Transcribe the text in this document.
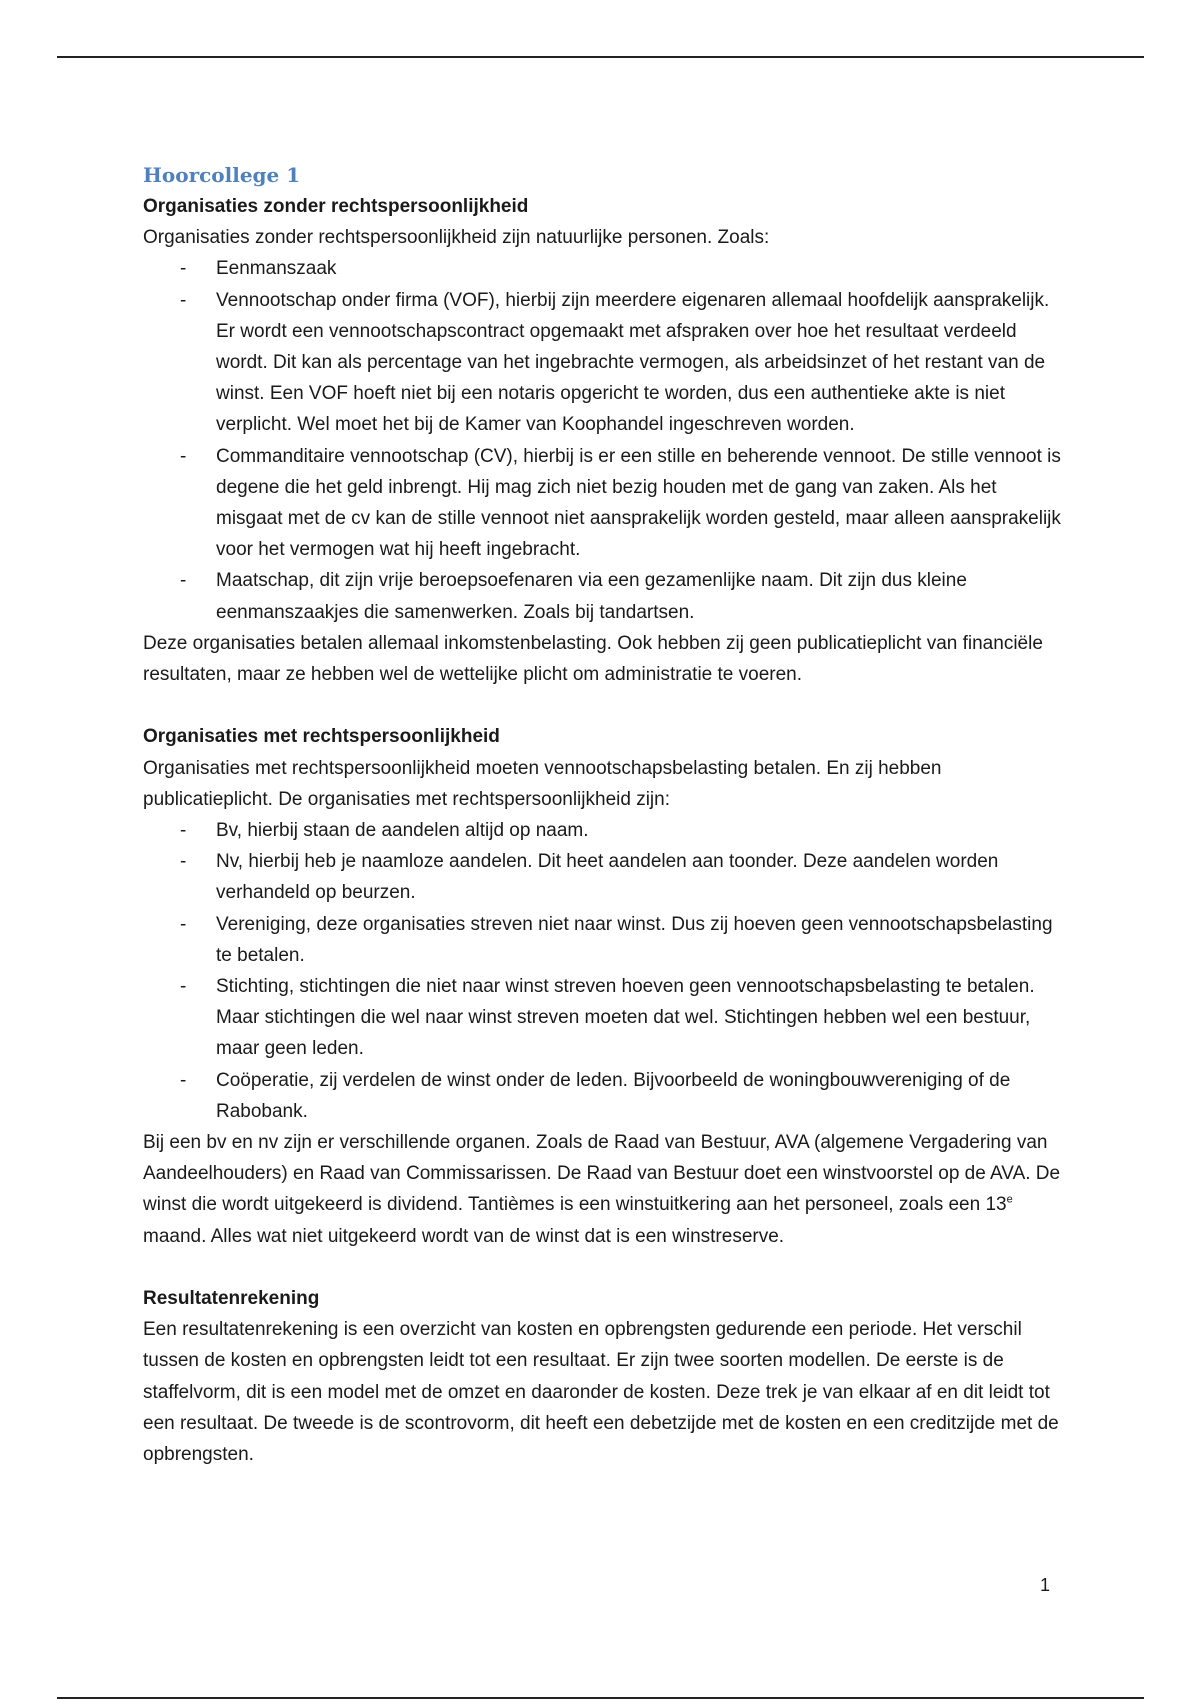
Hoorcollege 1
Organisaties zonder rechtspersoonlijkheid

Organisaties zonder rechtspersoonlijkheid zijn natuurlijke personen. Zoals:

- Eenmanszaak
- Vennootschap onder firma (VOF), hierbij zijn meerdere eigenaren allemaal hoofdelijk aansprakelijk. Er wordt een vennootschapscontract opgemaakt met afspraken over hoe het resultaat verdeeld wordt. Dit kan als percentage van het ingebrachte vermogen, als arbeidsinzet of het restant van de winst. Een VOF hoeft niet bij een notaris opgericht te worden, dus een authentieke akte is niet verplicht. Wel moet het bij de Kamer van Koophandel ingeschreven worden.
- Commanditaire vennootschap (CV), hierbij is er een stille en beherende vennoot. De stille vennoot is degene die het geld inbrengt. Hij mag zich niet bezig houden met de gang van zaken. Als het misgaat met de cv kan de stille vennoot niet aansprakelijk worden gesteld, maar alleen aansprakelijk voor het vermogen wat hij heeft ingebracht.
- Maatschap, dit zijn vrije beroepsoefenaren via een gezamenlijke naam. Dit zijn dus kleine eenmanszaakjes die samenwerken. Zoals bij tandartsen.

Deze organisaties betalen allemaal inkomstenbelasting. Ook hebben zij geen publicatieplicht van financiële resultaten, maar ze hebben wel de wettelijke plicht om administratie te voeren.

Organisaties met rechtspersoonlijkheid

Organisaties met rechtspersoonlijkheid moeten vennootschapsbelasting betalen. En zij hebben publicatieplicht. De organisaties met rechtspersoonlijkheid zijn:

- Bv, hierbij staan de aandelen altijd op naam.
- Nv, hierbij heb je naamloze aandelen. Dit heet aandelen aan toonder. Deze aandelen worden verhandeld op beurzen.
- Vereniging, deze organisaties streven niet naar winst. Dus zij hoeven geen vennootschapsbelasting te betalen.
- Stichting, stichtingen die niet naar winst streven hoeven geen vennootschapsbelasting te betalen. Maar stichtingen die wel naar winst streven moeten dat wel. Stichtingen hebben wel een bestuur, maar geen leden.
- Coöperatie, zij verdelen de winst onder de leden. Bijvoorbeeld de woningbouwvereniging of de Rabobank.

Bij een bv en nv zijn er verschillende organen. Zoals de Raad van Bestuur, AVA (algemene Vergadering van Aandeelhouders) en Raad van Commissarissen. De Raad van Bestuur doet een winstvoorstel op de AVA. De winst die wordt uitgekeerd is dividend. Tantièmes is een winstuitkering aan het personeel, zoals een 13e maand. Alles wat niet uitgekeerd wordt van de winst dat is een winstreserve.

Resultatenrekening

Een resultatenrekening is een overzicht van kosten en opbrengsten gedurende een periode. Het verschil tussen de kosten en opbrengsten leidt tot een resultaat. Er zijn twee soorten modellen. De eerste is de staffelvorm, dit is een model met de omzet en daaronder de kosten. Deze trek je van elkaar af en dit leidt tot een resultaat. De tweede is de scontrovorm, dit heeft een debetzijde met de kosten en een creditzijde met de opbrengsten.

1
